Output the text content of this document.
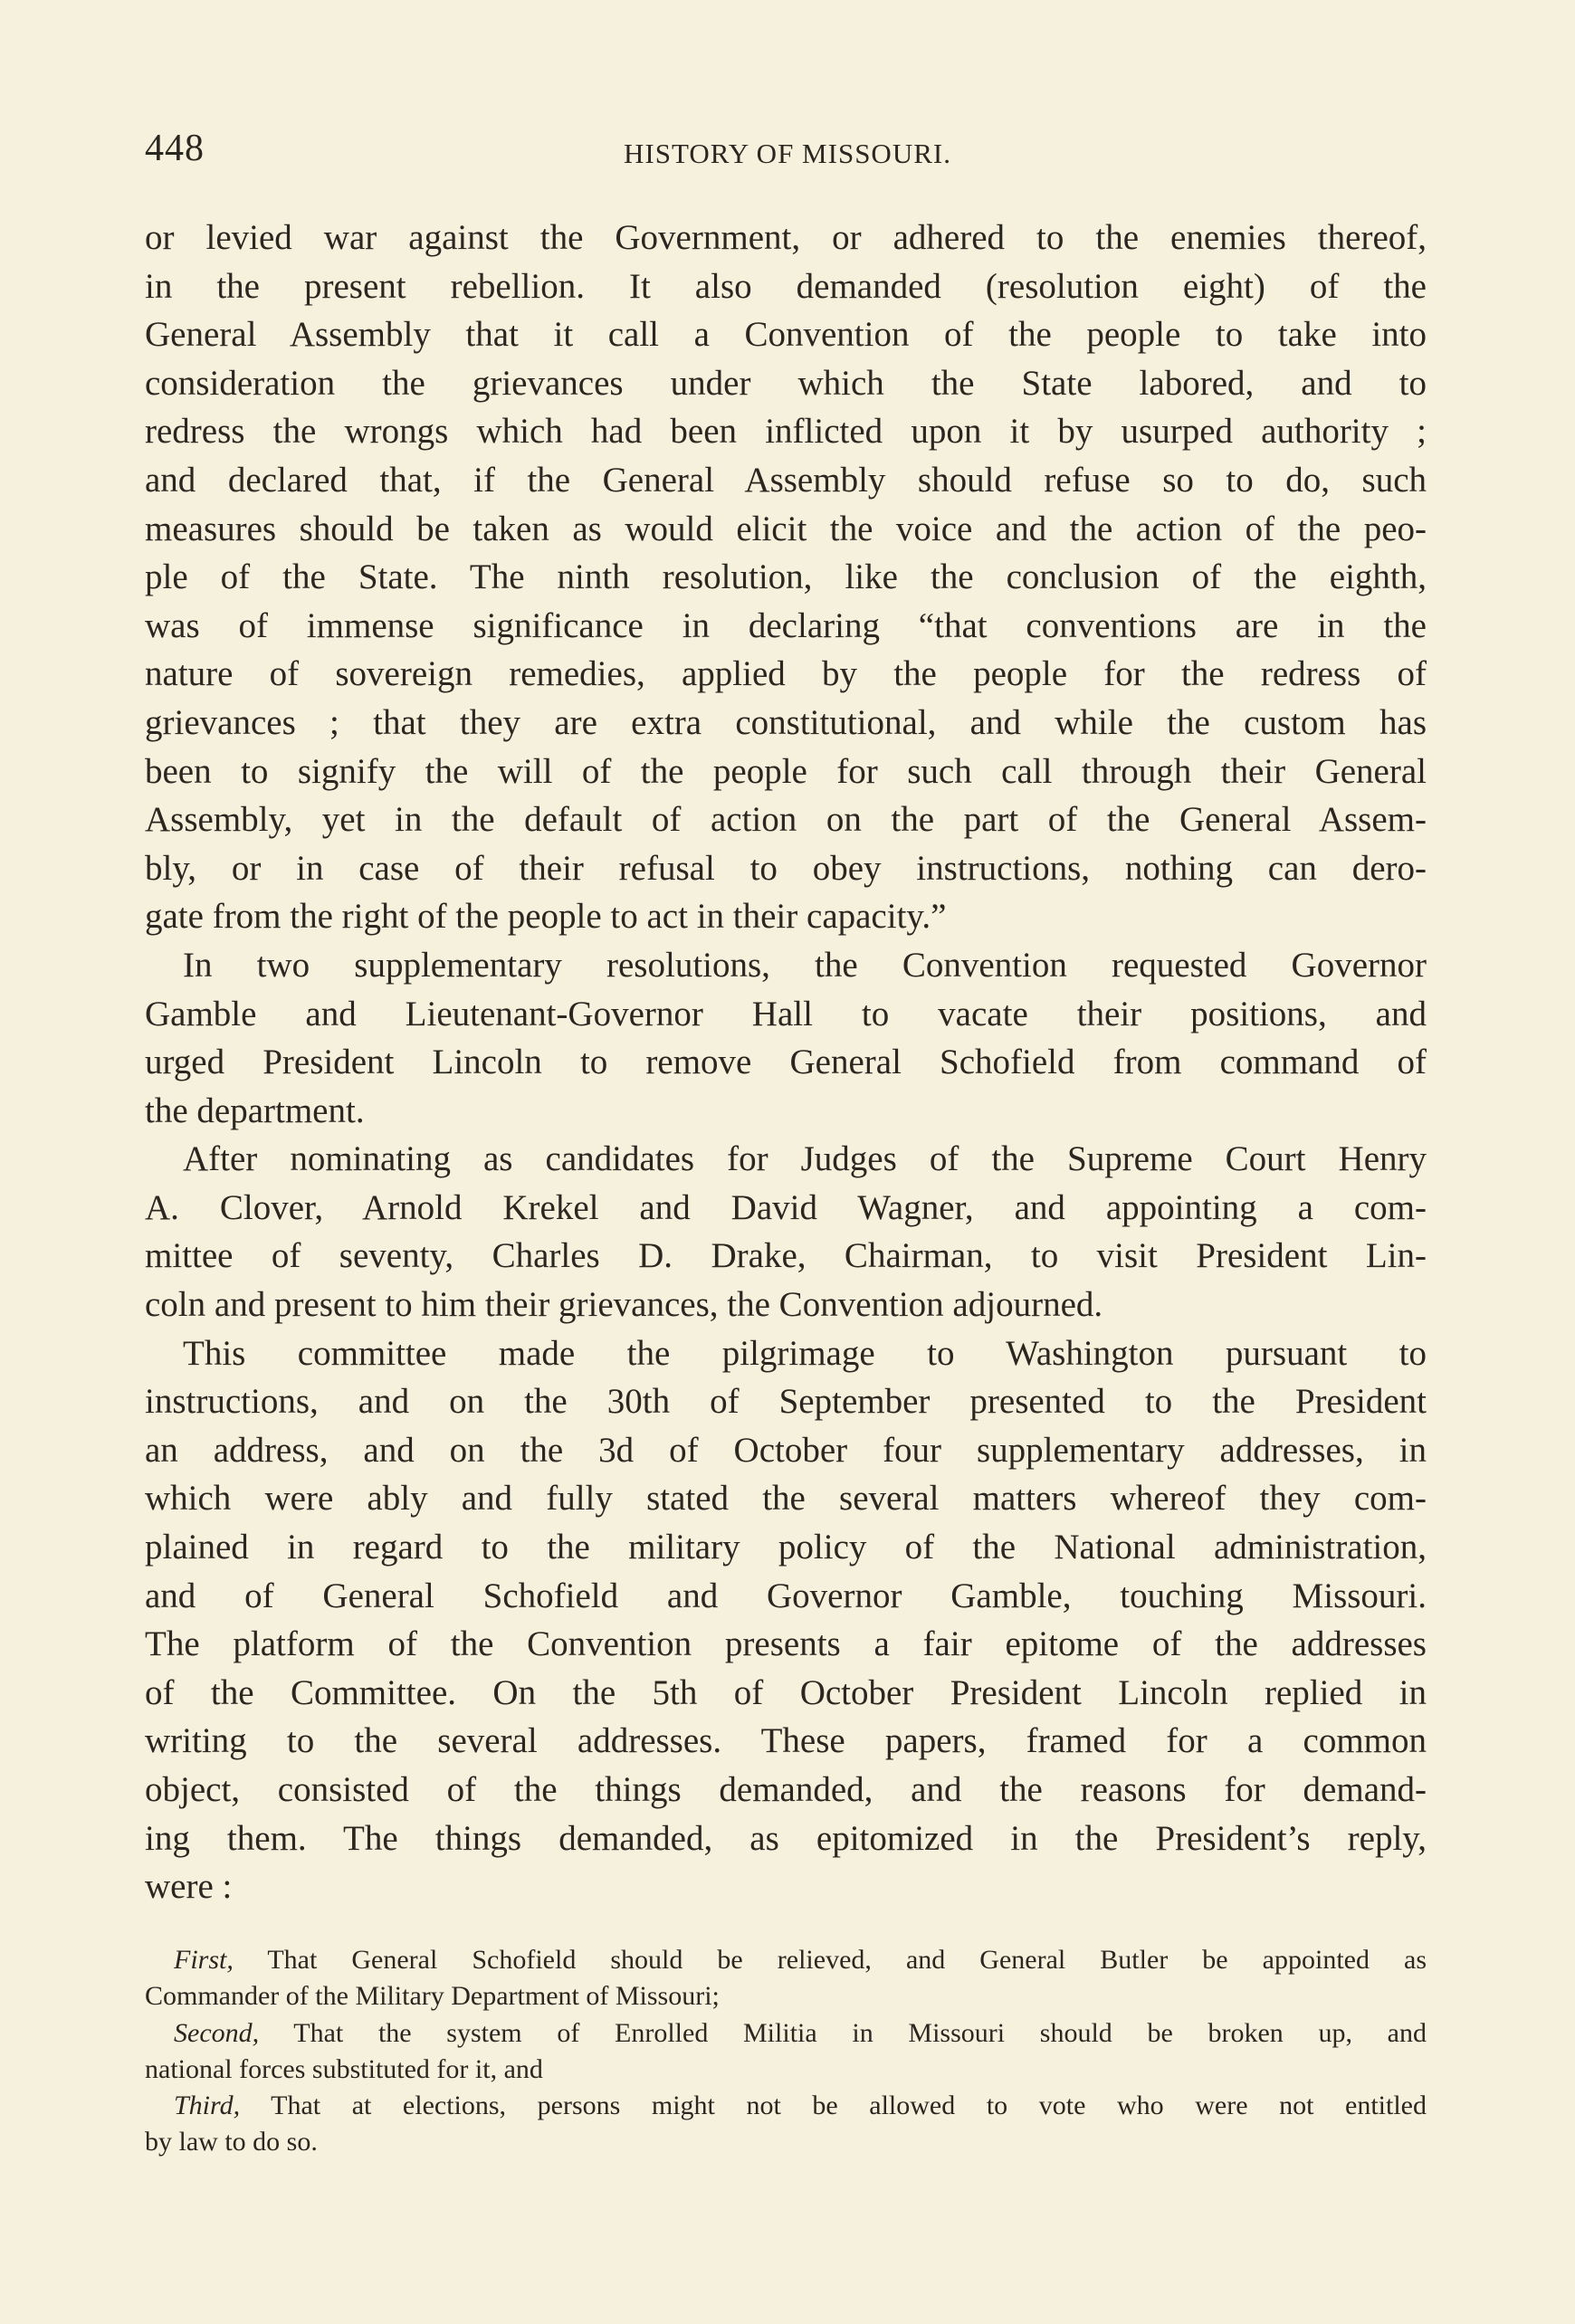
448	HISTORY OF MISSOURI.
or levied war against the Government, or adhered to the enemies thereof,
in the present rebellion. It also demanded (resolution eight) of the
General Assembly that it call a Convention of the people to take into
consideration the grievances under which the State labored, and to
redress the wrongs which had been inflicted upon it by usurped authority ;
and declared that, if the General Assembly should refuse so to do, such
measures should be taken as would elicit the voice and the action of the peo-
ple of the State. The ninth resolution, like the conclusion of the eighth,
was of immense significance in declaring “that conventions are in the
nature of sovereign remedies, applied by the people for the redress of
grievances ; that they are extra constitutional, and while the custom has
been to signify the will of the people for such call through their General
Assembly, yet in the default of action on the part of the General Assem-
bly, or in case of their refusal to obey instructions, nothing can dero-
gate from the right of the people to act in their capacity.”
In two supplementary resolutions, the Convention requested Governor
Gamble and Lieutenant-Governor Hall to vacate their positions, and
urged President Lincoln to remove General Schofield from command of
the department.
After nominating as candidates for Judges of the Supreme Court Henry
A. Clover, Arnold Krekel and David Wagner, and appointing a com-
mittee of seventy, Charles D. Drake, Chairman, to visit President Lin-
coln and present to him their grievances, the Convention adjourned.
This committee made the pilgrimage to Washington pursuant to
instructions, and on the 30th of September presented to the President
an address, and on the 3d of October four supplementary addresses, in
which were ably and fully stated the several matters whereof they com-
plained in regard to the military policy of the National administration,
and of General Schofield and Governor Gamble, touching Missouri.
The platform of the Convention presents a fair epitome of the addresses
of the Committee. On the 5th of October President Lincoln replied in
writing to the several addresses. These papers, framed for a common
object, consisted of the things demanded, and the reasons for demand-
ing them. The things demanded, as epitomized in the President’s reply,
were :
First, That General Schofield should be relieved, and General Butler be appointed as
Commander of the Military Department of Missouri;
Second, That the system of Enrolled Militia in Missouri should be broken up, and
national forces substituted for it, and
Third, That at elections, persons might not be allowed to vote who were not entitled
by law to do so.
